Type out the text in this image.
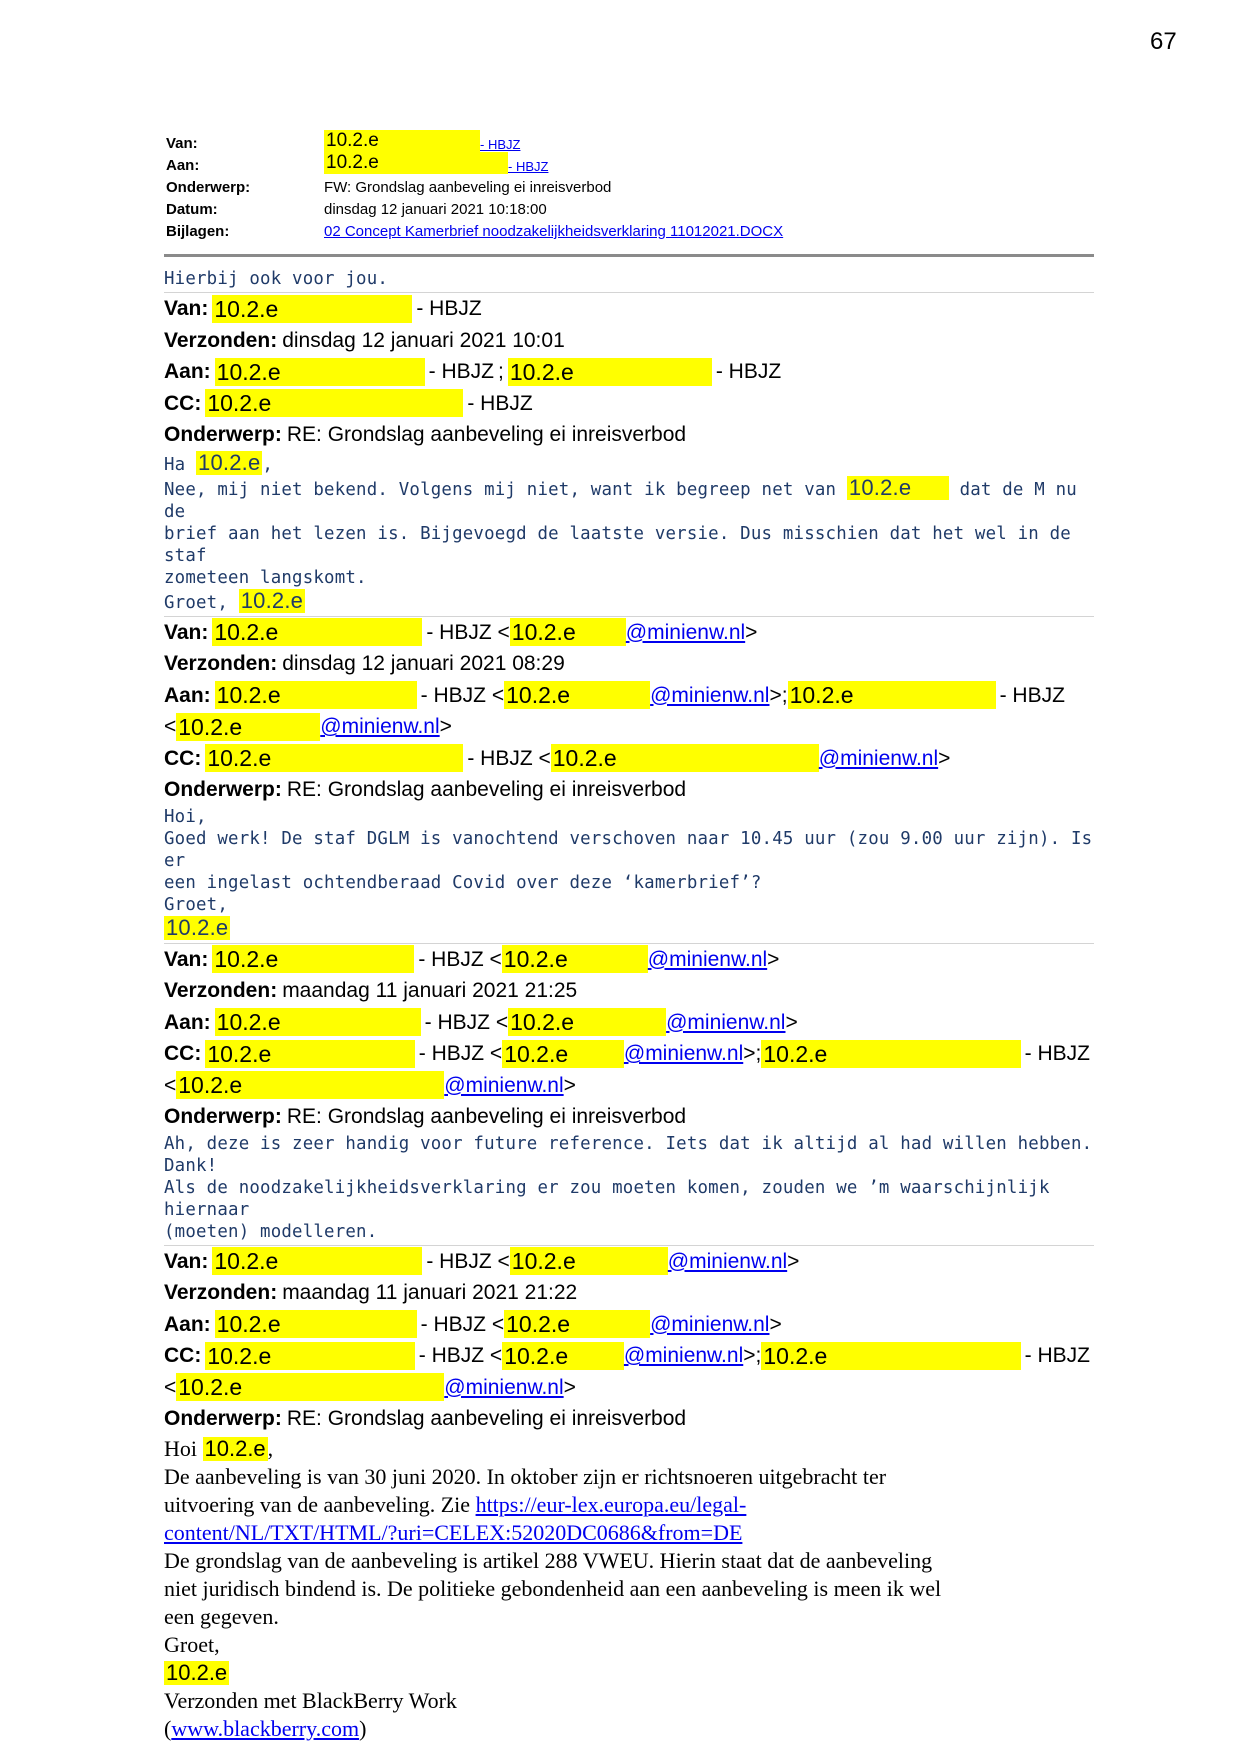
67
Van:	10.2.e	- HBJZ
Aan:	10.2.e	- HBJZ
Onderwerp:	FW: Grondslag aanbeveling ei inreisverbod
Datum:	dinsdag 12 januari 2021 10:18:00
Bijlagen:	02 Concept Kamerbrief noodzakelijkheidsverklaring 11012021.DOCX
Hierbij ook voor jou.
Van: 10.2.e	- HBJZ
Verzonden: dinsdag 12 januari 2021 10:01
Aan: 10.2.e	- HBJZ ; 10.2.e	- HBJZ
CC: 10.2.e	- HBJZ
Onderwerp: RE: Grondslag aanbeveling ei inreisverbod
Ha 10.2.e ,
Nee, mij niet bekend. Volgens mij niet, want ik begreep net van 10.2.e	dat de M nu de
brief aan het lezen is. Bijgevoegd de laatste versie. Dus misschien dat het wel in de staf
zometeen langskomt.
Groet, 10.2.e
Van: 10.2.e	- HBJZ < 10.2.e	@minienw.nl >
Verzonden: dinsdag 12 januari 2021 08:29
Aan: 10.2.e	- HBJZ < 10.2.e	@minienw.nl >; 10.2.e	- HBJZ
< 10.2.e	@minienw.nl >
CC: 10.2.e	- HBJZ < 10.2.e	@minienw.nl >
Onderwerp: RE: Grondslag aanbeveling ei inreisverbod
Hoi,
Goed werk! De staf DGLM is vanochtend verschoven naar 10.45 uur (zou 9.00 uur zijn). Is er
een ingelast ochtendberaad Covid over deze ‘kamerbrief’?
Groet,
10.2.e
Van: 10.2.e	- HBJZ < 10.2.e	@minienw.nl >
Verzonden: maandag 11 januari 2021 21:25
Aan: 10.2.e	- HBJZ < 10.2.e	@minienw.nl >
CC: 10.2.e	- HBJZ < 10.2.e	@minienw.nl >; 10.2.e	- HBJZ
< 10.2.e	@minienw.nl >
Onderwerp: RE: Grondslag aanbeveling ei inreisverbod
Ah, deze is zeer handig voor future reference. Iets dat ik altijd al had willen hebben. Dank!
Als de noodzakelijkheidsverklaring er zou moeten komen, zouden we ’m waarschijnlijk hiernaar
(moeten) modelleren.
Van: 10.2.e	- HBJZ < 10.2.e	@minienw.nl >
Verzonden: maandag 11 januari 2021 21:22
Aan: 10.2.e	- HBJZ < 10.2.e	@minienw.nl >
CC: 10.2.e	- HBJZ < 10.2.e	@minienw.nl >; 10.2.e	- HBJZ
< 10.2.e	@minienw.nl >
Onderwerp: RE: Grondslag aanbeveling ei inreisverbod
Hoi 10.2.e,
De aanbeveling is van 30 juni 2020. In oktober zijn er richtsnoeren uitgebracht ter
uitvoering van de aanbeveling. Zie https://eur-lex.europa.eu/legal-
content/NL/TXT/HTML/?uri=CELEX:52020DC0686&from=DE
De grondslag van de aanbeveling is artikel 288 VWEU. Hierin staat dat de aanbeveling
niet juridisch bindend is. De politieke gebondenheid aan een aanbeveling is meen ik wel
een gegeven.
Groet,
10.2.e
Verzonden met BlackBerry Work
(www.blackberry.com)
